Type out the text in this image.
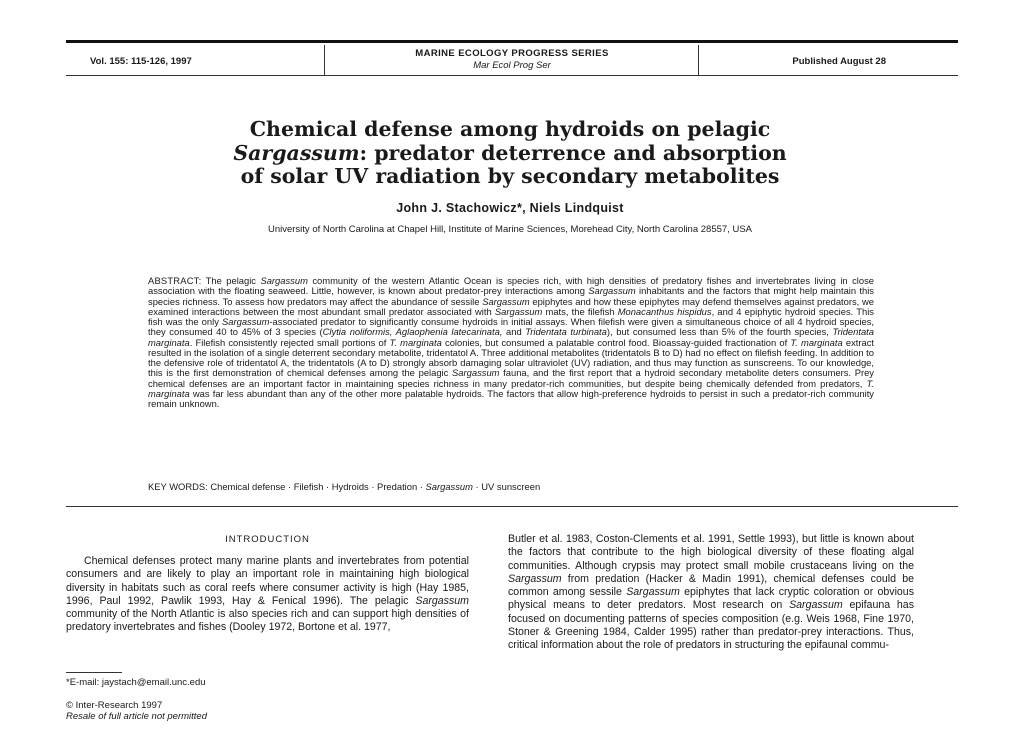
Vol. 155: 115-126, 1997
MARINE ECOLOGY PROGRESS SERIES
Mar Ecol Prog Ser	Published August 28
Chemical defense among hydroids on pelagic
Sargassum: predator deterrence and absorption
of solar UV radiation by secondary metabolites
John J. Stachowicz*, Niels Lindquist
University of North Carolina at Chapel Hill, Institute of Marine Sciences, Morehead City, North Carolina 28557, USA
ABSTRACT: The pelagic Sargassum community of the western Atlantic Ocean is species rich, with high densities of predatory fishes and invertebrates living in close association with the floating seaweed. Little, however, is known about predator-prey interactions among Sargassum inhabitants and the factors that might help maintain this species richness. To assess how predators may affect the abundance of sessile Sargassum epiphytes and how these epiphytes may defend themselves against predators, we examined interactions between the most abundant small predator associated with Sargassum mats, the filefish Monacanthus hispidus, and 4 epiphytic hydroid species. This fish was the only Sargassum-associated predator to significantly consume hydroids in initial assays. When filefish were given a simultaneous choice of all 4 hydroid species, they consumed 40 to 45% of 3 species (Clytia noliformis, Aglaophenia latecarinata, and Tridentata turbinata), but consumed less than 5% of the fourth species, Tridentata marginata. Filefish consistently rejected small portions of T. marginata colonies, but consumed a palatable control food. Bioassay-guided fractionation of T. marginata extract resulted in the isolation of a single deterrent secondary metabolite, tridentatol A. Three additional metabolites (tridentatols B to D) had no effect on filefish feeding. In addition to the defensive role of tridentatol A, the tridentatols (A to D) strongly absorb damaging solar ultraviolet (UV) radiation, and thus may function as sunscreens. To our knowledge, this is the first demonstration of chemical defenses among the pelagic Sargassum fauna, and the first report that a hydroid secondary metabolite deters consumers. Prey chemical defenses are an important factor in maintaining species richness in many predator-rich communities, but despite being chemically defended from predators, T. marginata was far less abundant than any of the other more palatable hydroids. The factors that allow high-preference hydroids to persist in such a predator-rich community remain unknown.
KEY WORDS: Chemical defense · Filefish · Hydroids · Predation · Sargassum · UV sunscreen
INTRODUCTION
Chemical defenses protect many marine plants and invertebrates from potential consumers and are likely to play an important role in maintaining high biological diversity in habitats such as coral reefs where consumer activity is high (Hay 1985, 1996, Paul 1992, Pawlik 1993, Hay & Fenical 1996). The pelagic Sargassum community of the North Atlantic is also species rich and can support high densities of predatory invertebrates and fishes (Dooley 1972, Bortone et al. 1977,
Butler et al. 1983, Coston-Clements et al. 1991, Settle 1993), but little is known about the factors that contribute to the high biological diversity of these floating algal communities. Although crypsis may protect small mobile crustaceans living on the Sargassum from predation (Hacker & Madin 1991), chemical defenses could be common among sessile Sargassum epiphytes that lack cryptic coloration or obvious physical means to deter predators. Most research on Sargassum epifauna has focused on documenting patterns of species composition (e.g. Weis 1968, Fine 1970, Stoner & Greening 1984, Calder 1995) rather than predator-prey interactions. Thus, critical information about the role of predators in structuring the epifaunal commu-
*E-mail: jaystach@email.unc.edu
© Inter-Research 1997
Resale of full article not permitted
